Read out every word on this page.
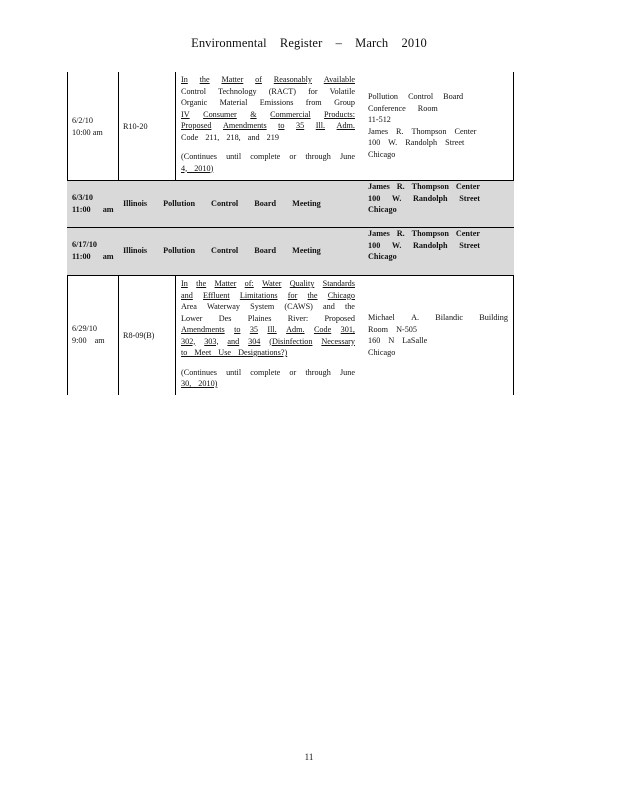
Environmental Register – March 2010
6/2/10
10:00 am
R10-20
In the Matter of Reasonably Available
Control Technology (RACT) for Volatile
Organic Material Emissions from Group
IV Consumer & Commercial Products:
Proposed Amendments to 35 Ill. Adm.
Code 211, 218, and 219
(Continues until complete or through June
4, 2010)
Pollution Control Board
Conference Room
11-512
James R. Thompson Center
100 W. Randolph Street
Chicago
6/3/10
11:00 am
Illinois Pollution Control Board Meeting
James R. Thompson Center
100 W. Randolph Street
Chicago
6/17/10
11:00 am
Illinois Pollution Control Board Meeting
James R. Thompson Center
100 W. Randolph Street
Chicago
6/29/10
9:00 am R8-09(B)
In the Matter of: Water Quality Standards
and Effluent Limitations for the Chicago
Area Waterway System (CAWS) and the
Lower Des Plaines River: Proposed
Amendments to 35 Ill. Adm. Code 301,
302, 303, and 304 (Disinfection Necessary
to Meet Use Designations?)
(Continues until complete or through June
30, 2010)
Michael A. Bilandic Building
Room N-505
160 N LaSalle
Chicago
11
